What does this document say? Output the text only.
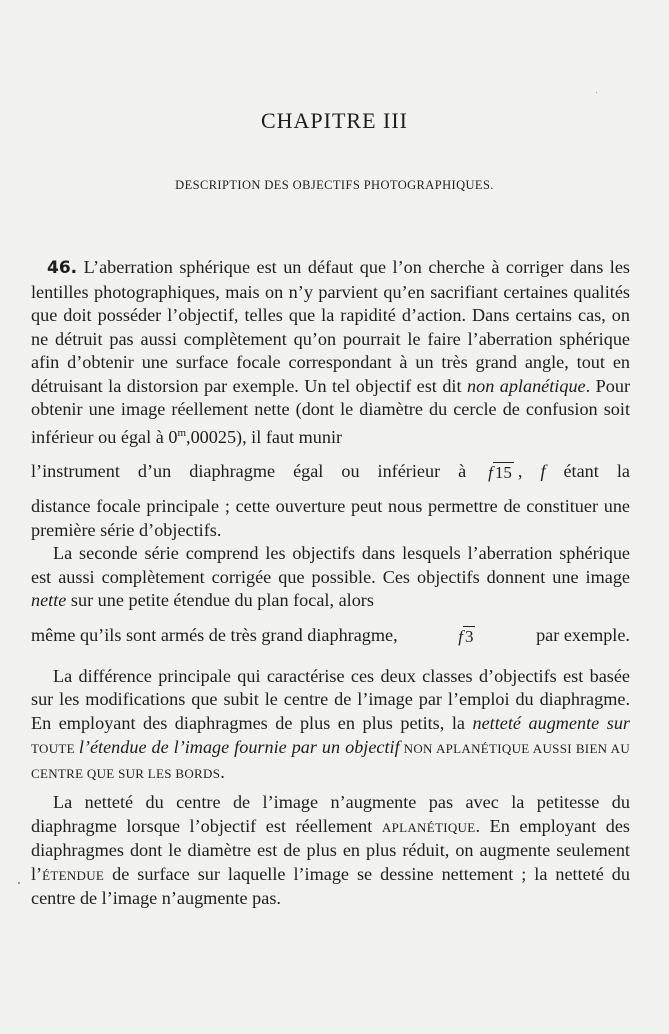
CHAPITRE III
DESCRIPTION DES OBJECTIFS PHOTOGRAPHIQUES.

46. L’aberration sphérique est un défaut que l’on cherche à corriger dans les lentilles photographiques, mais on n’y parvient qu’en sacrifiant certaines qualités que doit posséder l’objectif, telles que la rapidité d’action. Dans certains cas, on ne détruit pas aussi complètement qu’on pourrait le faire l’aberration sphérique afin d’obtenir une surface focale correspondant à un très grand angle, tout en détruisant la distorsion par exemple. Un tel objectif est dit non aplanétique. Pour obtenir une image réellement nette (dont le diamètre du cercle de confusion soit inférieur ou égal à 0$^m$,00025), il faut munir

l’instrument d’un diaphragme égal ou inférieur à f 15 , f étant la

distance focale principale ; cette ouverture peut nous permettre de constituer une première série d’objectifs.

La seconde série comprend les objectifs dans lesquels l’aberration sphérique est aussi complètement corrigée que possible. Ces objectifs donnent une image nette sur une petite étendue du plan focal, alors

même qu’ils sont armés de très grand diaphragme,	f 3	par exemple.

La différence principale qui caractérise ces deux classes d’objectifs est basée sur les modifications que subit le centre de l’image par l’emploi du diaphragme. En employant des diaphragmes de plus en plus petits, la netteté augmente sur TOUTE l’étendue de l’image fournie par un objectif NON APLANÉTIQUE AUSSI BIEN AU CENTRE QUE SUR LES BORDS.

La netteté du centre de l’image n’augmente pas avec la petitesse du diaphragme lorsque l’objectif est réellement APLANÉTIQUE. En employant des diaphragmes dont le diamètre est de plus en plus réduit, on augmente seulement l’ÉTENDUE de surface sur laquelle l’image se dessine nettement ; la netteté du centre de l’image n’augmente pas.
